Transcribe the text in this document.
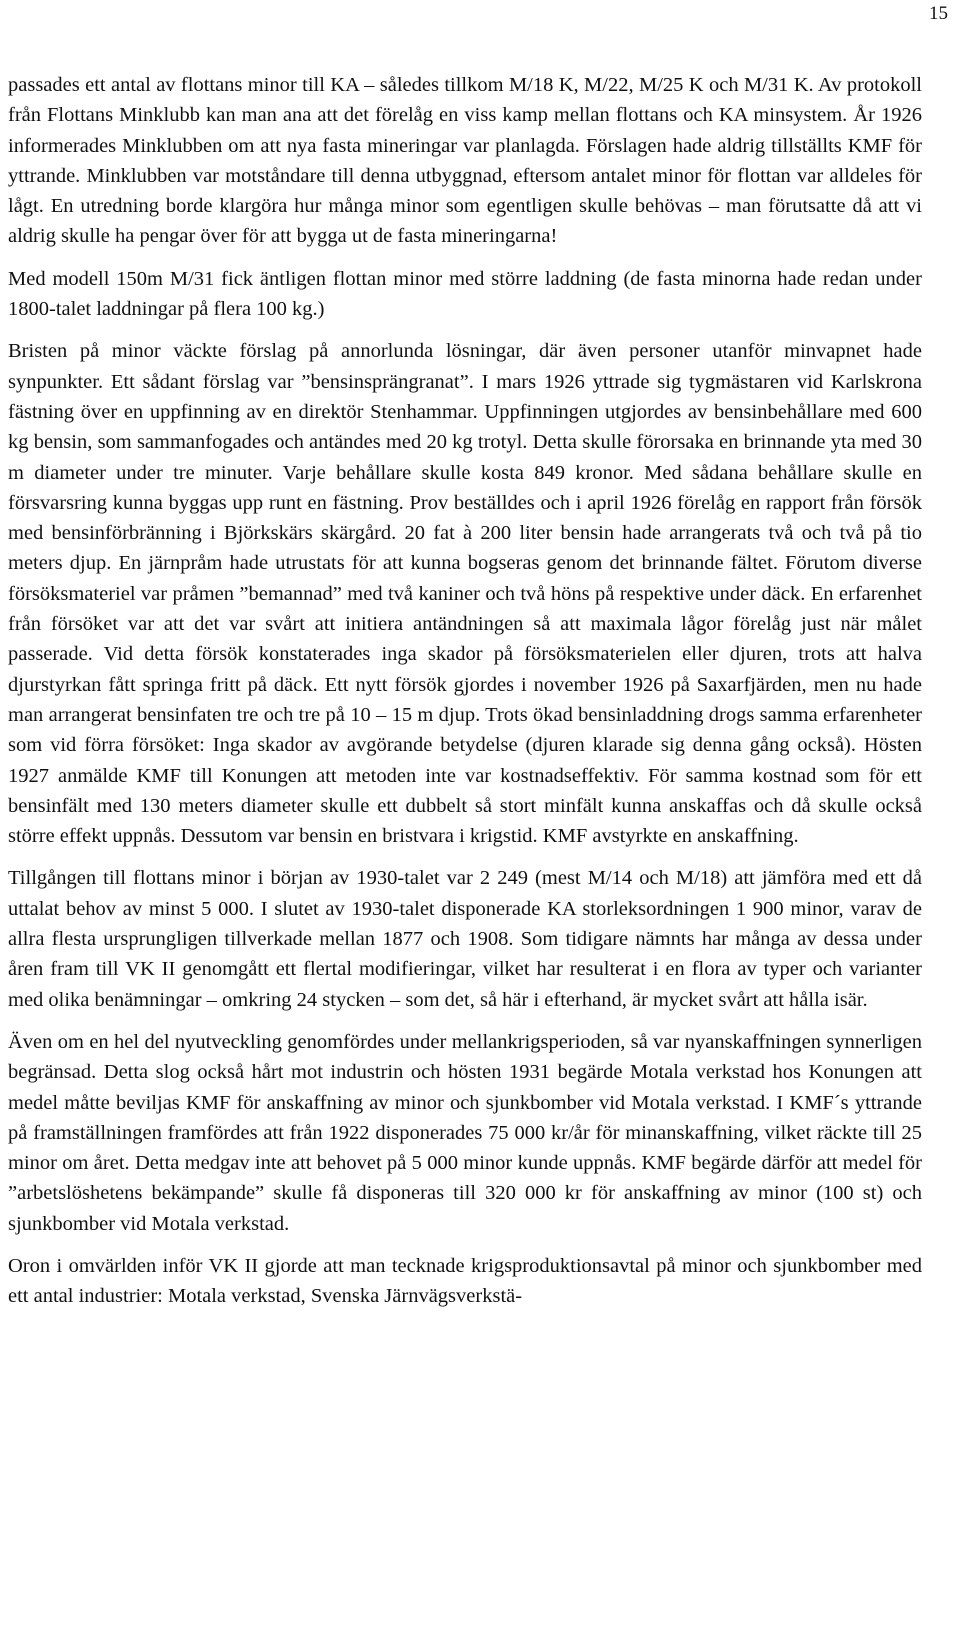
15

passades ett antal av flottans minor till KA – således tillkom M/18 K, M/22, M/25 K och M/31 K. Av protokoll från Flottans Minklubb kan man ana att det förelåg en viss kamp mellan flottans och KA minsystem. År 1926 informerades Minklubben om att nya fasta mineringar var planlagda. Förslagen hade aldrig tillställts KMF för yttrande. Minklubben var motståndare till denna utbyggnad, eftersom antalet minor för flottan var alldeles för lågt. En utredning borde klargöra hur många minor som egentligen skulle behövas – man förutsatte då att vi aldrig skulle ha pengar över för att bygga ut de fasta mineringarna!

Med modell 150m M/31 fick äntligen flottan minor med större laddning (de fasta minorna hade redan under 1800-talet laddningar på flera 100 kg.)

Bristen på minor väckte förslag på annorlunda lösningar, där även personer utanför minvapnet hade synpunkter. Ett sådant förslag var ”bensinsprängranat”. I mars 1926 yttrade sig tygmästaren vid Karlskrona fästning över en uppfinning av en direktör Stenhammar. Uppfinningen utgjordes av bensinbehållare med 600 kg bensin, som sammanfogades och antändes med 20 kg trotyl. Detta skulle förorsaka en brinnande yta med 30 m diameter under tre minuter. Varje behållare skulle kosta 849 kronor. Med sådana behållare skulle en försvarsring kunna byggas upp runt en fästning. Prov beställdes och i april 1926 förelåg en rapport från försök med bensinförbränning i Björkskärs skärgård. 20 fat à 200 liter bensin hade arrangerats två och två på tio meters djup. En järnpråm hade utrustats för att kunna bogseras genom det brinnande fältet. Förutom diverse försöksmateriel var pråmen ”bemannad” med två kaniner och två höns på respektive under däck. En erfarenhet från försöket var att det var svårt att initiera antändningen så att maximala lågor förelåg just när målet passerade. Vid detta försök konstaterades inga skador på försöksmaterielen eller djuren, trots att halva djurstyrkan fått springa fritt på däck. Ett nytt försök gjordes i november 1926 på Saxarfjärden, men nu hade man arrangerat bensinfaten tre och tre på 10 – 15 m djup. Trots ökad bensinladdning drogs samma erfarenheter som vid förra försöket: Inga skador av avgörande betydelse (djuren klarade sig denna gång också). Hösten 1927 anmälde KMF till Konungen att metoden inte var kostnadseffektiv. För samma kostnad som för ett bensinfält med 130 meters diameter skulle ett dubbelt så stort minfält kunna anskaffas och då skulle också större effekt uppnås. Dessutom var bensin en bristvara i krigstid. KMF avstyrkte en anskaffning.

Tillgången till flottans minor i början av 1930-talet var 2 249 (mest M/14 och M/18) att jämföra med ett då uttalat behov av minst 5 000. I slutet av 1930-talet disponerade KA storleksordningen 1 900 minor, varav de allra flesta ursprungligen tillverkade mellan 1877 och 1908. Som tidigare nämnts har många av dessa under åren fram till VK II genomgått ett flertal modifieringar, vilket har resulterat i en flora av typer och varianter med olika benämningar – omkring 24 stycken – som det, så här i efterhand, är mycket svårt att hålla isär.

Även om en hel del nyutveckling genomfördes under mellankrigsperioden, så var nyanskaffningen synnerligen begränsad. Detta slog också hårt mot industrin och hösten 1931 begärde Motala verkstad hos Konungen att medel måtte beviljas KMF för anskaffning av minor och sjunkbomber vid Motala verkstad. I KMF´s yttrande på framställningen framfördes att från 1922 disponerades 75 000 kr/år för minanskaffning, vilket räckte till 25 minor om året. Detta medgav inte att behovet på 5 000 minor kunde uppnås. KMF begärde därför att medel för ”arbetslöshetens bekämpande” skulle få disponeras till 320 000 kr för anskaffning av minor (100 st) och sjunkbomber vid Motala verkstad.

Oron i omvärlden inför VK II gjorde att man tecknade krigsproduktionsavtal på minor och sjunkbomber med ett antal industrier: Motala verkstad, Svenska Järnvägsverkstä-
